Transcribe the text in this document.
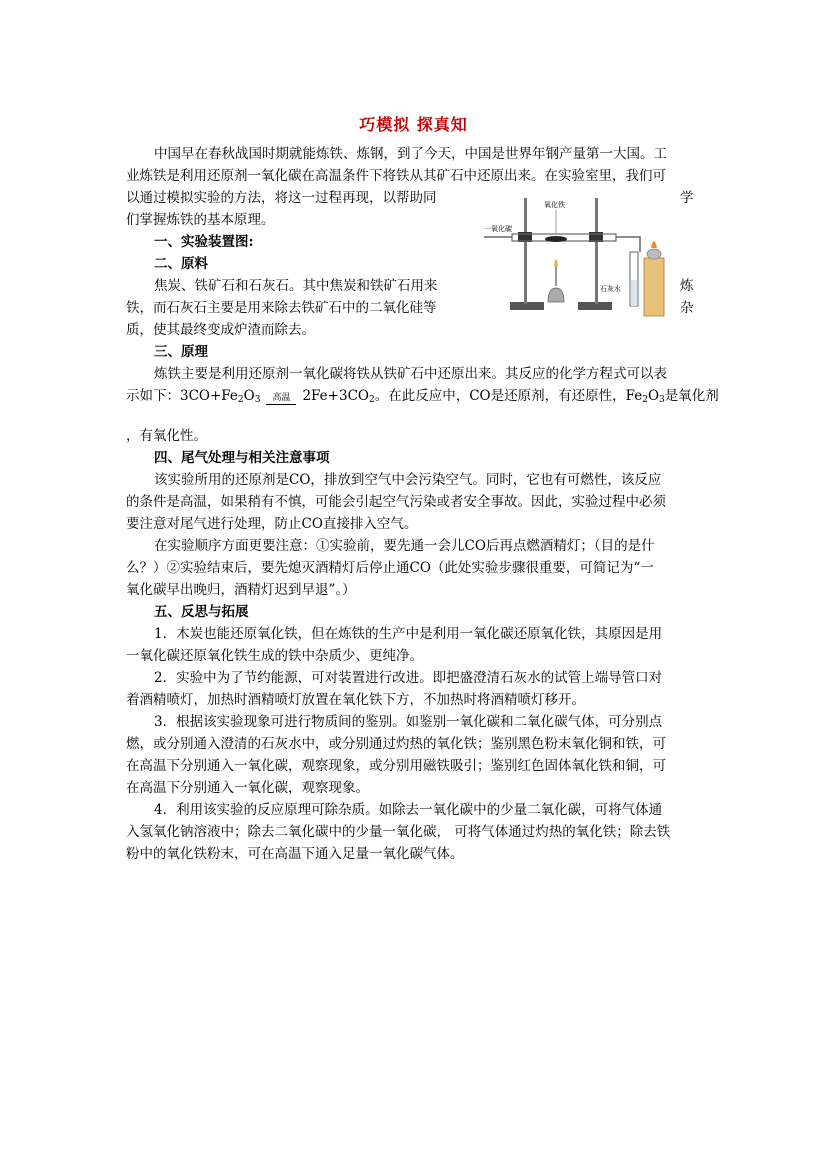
巧模拟 探真知
中国早在春秋战国时期就能炼铁、炼钢，到了今天，中国是世界年钢产量第一大国。工
业炼铁是利用还原剂一氧化碳在高温条件下将铁从其矿石中还原出来。在实验室里，我们可
以通过模拟实验的方法，将这一过程再现，以帮助同	学
们掌握炼铁的基本原理。
一、实验装置图:
二、原料
焦炭、铁矿石和石灰石。其中焦炭和铁矿石用来	炼
铁，而石灰石主要是用来除去铁矿石中的二氧化硅等	杂
质，使其最终变成炉渣而除去。
一氧化碳
氧化铁
石灰水
三、原理
炼铁主要是利用还原剂一氧化碳将铁从铁矿石中还原出来。其反应的化学方程式可以表
示如下：$3CO+Fe_2O_3$	高温 $2Fe+3CO_2$。在此反应中，CO是还原剂，有还原性，$Fe_2O_3$是氧化剂
，有氧化性。
四、尾气处理与相关注意事项
该实验所用的还原剂是CO，排放到空气中会污染空气。同时，它也有可燃性，该反应
的条件是高温，如果稍有不慎，可能会引起空气污染或者安全事故。因此，实验过程中必须
要注意对尾气进行处理，防止CO直接排入空气。
在实验顺序方面更要注意：①实验前，要先通一会儿CO后再点燃酒精灯；（目的是什
么？）②实验结束后，要先熄灭酒精灯后停止通CO（此处实验步骤很重要，可简记为“一
氧化碳早出晚归，酒精灯迟到早退”。）
五、反思与拓展
1．木炭也能还原氧化铁，但在炼铁的生产中是利用一氧化碳还原氧化铁，其原因是用
一氧化碳还原氧化铁生成的铁中杂质少、更纯净。
2．实验中为了节约能源，可对装置进行改进。即把盛澄清石灰水的试管上端导管口对
着酒精喷灯，加热时酒精喷灯放置在氧化铁下方，不加热时将酒精喷灯移开。
3．根据该实验现象可进行物质间的鉴别。如鉴别一氧化碳和二氧化碳气体，可分别点
燃，或分别通入澄清的石灰水中，或分别通过灼热的氧化铁；鉴别黑色粉末氧化铜和铁，可
在高温下分别通入一氧化碳，观察现象，或分别用磁铁吸引；鉴别红色固体氧化铁和铜，可
在高温下分别通入一氧化碳，观察现象。
4．利用该实验的反应原理可除杂质。如除去一氧化碳中的少量二氧化碳，可将气体通
入氢氧化钠溶液中；除去二氧化碳中的少量一氧化碳， 可将气体通过灼热的氧化铁；除去铁
粉中的氧化铁粉末，可在高温下通入足量一氧化碳气体。
